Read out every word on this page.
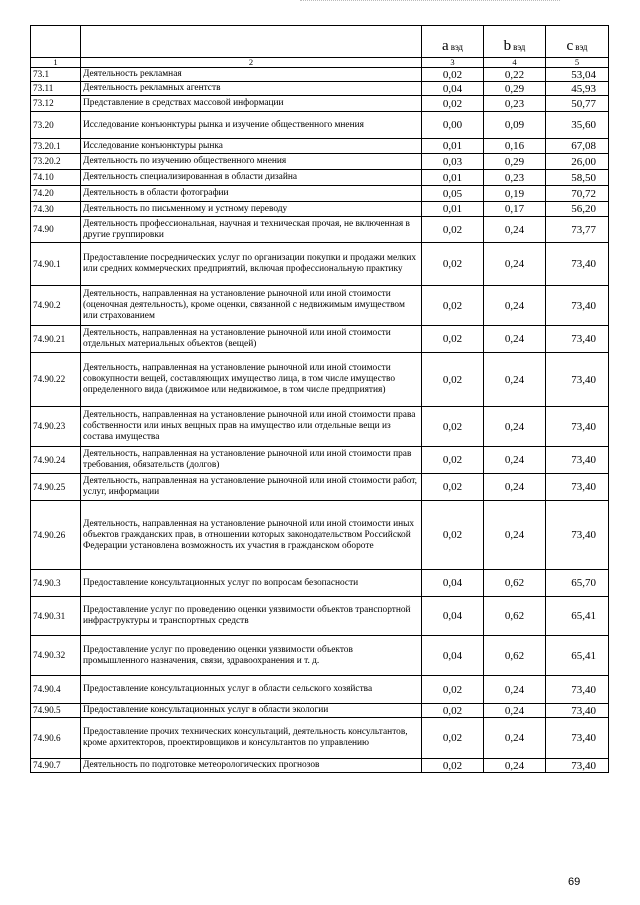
		a вэд	b вэд	c вэд
1	2	3	4	5
73.1	Деятельность рекламная	0,02	0,22	53,04
73.11	Деятельность рекламных агентств	0,04	0,29	45,93
73.12	Представление в средствах массовой информации	0,02	0,23	50,77
73.20	Исследование конъюнктуры рынка и изучение общественного мнения	0,00	0,09	35,60
73.20.1	Исследование конъюнктуры рынка	0,01	0,16	67,08
73.20.2	Деятельность по изучению общественного мнения	0,03	0,29	26,00
74.10	Деятельность специализированная в области дизайна	0,01	0,23	58,50
74.20	Деятельность в области фотографии	0,05	0,19	70,72
74.30	Деятельность по письменному и устному переводу	0,01	0,17	56,20
74.90	Деятельность профессиональная, научная и техническая прочая, не включенная в другие группировки	0,02	0,24	73,77
74.90.1	Предоставление посреднических услуг по организации покупки и продажи мелких или средних коммерческих предприятий, включая профессиональную практику	0,02	0,24	73,40
74.90.2	Деятельность, направленная на установление рыночной или иной стоимости (оценочная деятельность), кроме оценки, связанной с недвижимым имуществом или страхованием	0,02	0,24	73,40
74.90.21	Деятельность, направленная на установление рыночной или иной стоимости отдельных материальных объектов (вещей)	0,02	0,24	73,40
74.90.22	Деятельность, направленная на установление рыночной или иной стоимости совокупности вещей, составляющих имущество лица, в том числе имущество определенного вида (движимое или недвижимое, в том числе предприятия)	0,02	0,24	73,40
74.90.23	Деятельность, направленная на установление рыночной или иной стоимости права собственности или иных вещных прав на имущество или отдельные вещи из состава имущества	0,02	0,24	73,40
74.90.24	Деятельность, направленная на установление рыночной или иной стоимости прав требования, обязательств (долгов)	0,02	0,24	73,40
74.90.25	Деятельность, направленная на установление рыночной или иной стоимости работ, услуг, информации	0,02	0,24	73,40
74.90.26	Деятельность, направленная на установление рыночной или иной стоимости иных объектов гражданских прав, в отношении которых законодательством Российской Федерации установлена возможность их участия в гражданском обороте	0,02	0,24	73,40
74.90.3	Предоставление консультационных услуг по вопросам безопасности	0,04	0,62	65,70
74.90.31	Предоставление услуг по проведению оценки уязвимости объектов транспортной инфраструктуры и транспортных средств	0,04	0,62	65,41
74.90.32	Предоставление услуг по проведению оценки уязвимости объектов промышленного назначения, связи, здравоохранения и т. д.	0,04	0,62	65,41
74.90.4	Предоставление консультационных услуг в области сельского хозяйства	0,02	0,24	73,40
74.90.5	Предоставление консультационных услуг в области экологии	0,02	0,24	73,40
74.90.6	Предоставление прочих технических консультаций, деятельность консультантов, кроме архитекторов, проектировщиков и консультантов по управлению	0,02	0,24	73,40
74.90.7	Деятельность по подготовке метеорологических прогнозов	0,02	0,24	73,40
69
